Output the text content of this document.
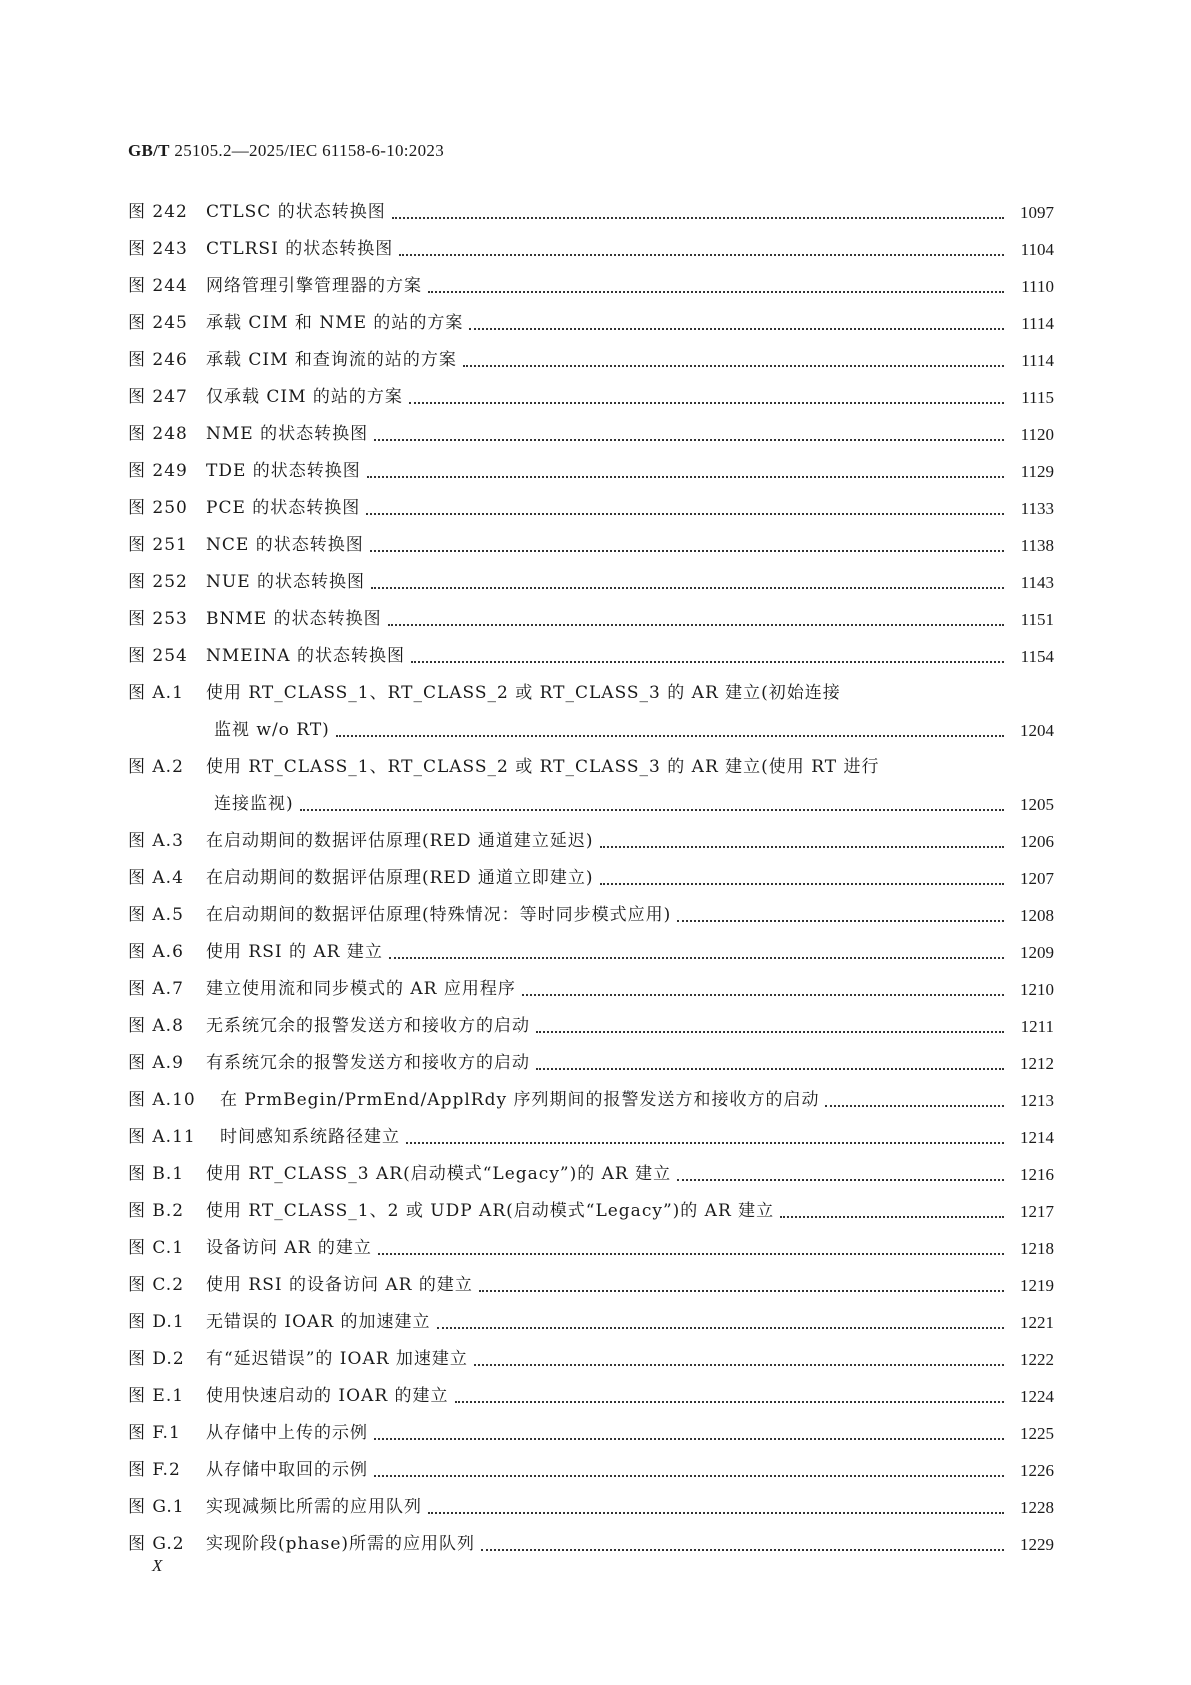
GB/T 25105.2—2025/IEC 61158-6-10:2023
图 242	CTLSC 的状态转换图	1097
图 243	CTLRSI 的状态转换图	1104
图 244	网络管理引擎管理器的方案	1110
图 245	承载 CIM 和 NME 的站的方案	1114
图 246	承载 CIM 和查询流的站的方案	1114
图 247	仅承载 CIM 的站的方案	1115
图 248	NME 的状态转换图	1120
图 249	TDE 的状态转换图	1129
图 250	PCE 的状态转换图	1133
图 251	NCE 的状态转换图	1138
图 252	NUE 的状态转换图	1143
图 253	BNME 的状态转换图	1151
图 254	NMEINA 的状态转换图	1154
图 A.1	使用 RT_CLASS_1、RT_CLASS_2 或 RT_CLASS_3 的 AR 建立(初始连接
监视 w/o RT)	1204
图 A.2	使用 RT_CLASS_1、RT_CLASS_2 或 RT_CLASS_3 的 AR 建立(使用 RT 进行
连接监视)	1205
图 A.3	在启动期间的数据评估原理(RED 通道建立延迟)	1206
图 A.4	在启动期间的数据评估原理(RED 通道立即建立)	1207
图 A.5	在启动期间的数据评估原理(特殊情况：等时同步模式应用)	1208
图 A.6	使用 RSI 的 AR 建立	1209
图 A.7	建立使用流和同步模式的 AR 应用程序	1210
图 A.8	无系统冗余的报警发送方和接收方的启动	1211
图 A.9	有系统冗余的报警发送方和接收方的启动	1212
图 A.10	在 PrmBegin/PrmEnd/ApplRdy 序列期间的报警发送方和接收方的启动	1213
图 A.11	时间感知系统路径建立	1214
图 B.1	使用 RT_CLASS_3 AR(启动模式“Legacy”)的 AR 建立	1216
图 B.2	使用 RT_CLASS_1、2 或 UDP AR(启动模式“Legacy”)的 AR 建立	1217
图 C.1	设备访问 AR 的建立	1218
图 C.2	使用 RSI 的设备访问 AR 的建立	1219
图 D.1	无错误的 IOAR 的加速建立	1221
图 D.2	有“延迟错误”的 IOAR 加速建立	1222
图 E.1	使用快速启动的 IOAR 的建立	1224
图 F.1	从存储中上传的示例	1225
图 F.2	从存储中取回的示例	1226
图 G.1	实现减频比所需的应用队列	1228
图 G.2	实现阶段(phase)所需的应用队列	1229
X
